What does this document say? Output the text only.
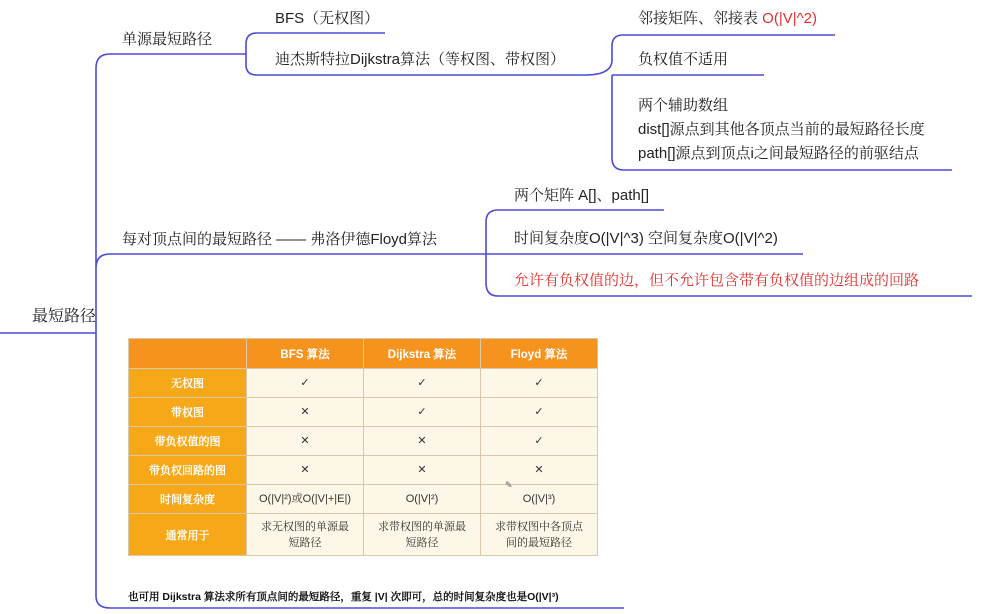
最短路径
单源最短路径
BFS（无权图）
迪杰斯特拉Dijkstra算法（等权图、带权图）
邻接矩阵、邻接表 O(|V|^2)
负权值不适用
两个辅助数组
dist[]源点到其他各顶点当前的最短路径长度
path[]源点到顶点i之间最短路径的前驱结点
每对顶点间的最短路径 —— 弗洛伊德Floyd算法
两个矩阵 A[]、path[]
时间复杂度O(|V|^3) 空间复杂度O(|V|^2)
允许有负权值的边，但不允许包含带有负权值的边组成的回路
	BFS 算法	Dijkstra 算法	Floyd 算法
无权图	✓	✓	✓
带权图	✕	✓	✓
带负权值的图	✕	✕	✓
带负权回路的图	✕	✕	✕
时间复杂度	O(|V|²)或O(|V|+|E|)	O(|V|²)	O(|V|³)
通常用于	求无权图的单源最短路径	求带权图的单源最短路径	求带权图中各顶点间的最短路径
✎
也可用 Dijkstra 算法求所有顶点间的最短路径，重复 |V| 次即可，总的时间复杂度也是O(|V|³)
